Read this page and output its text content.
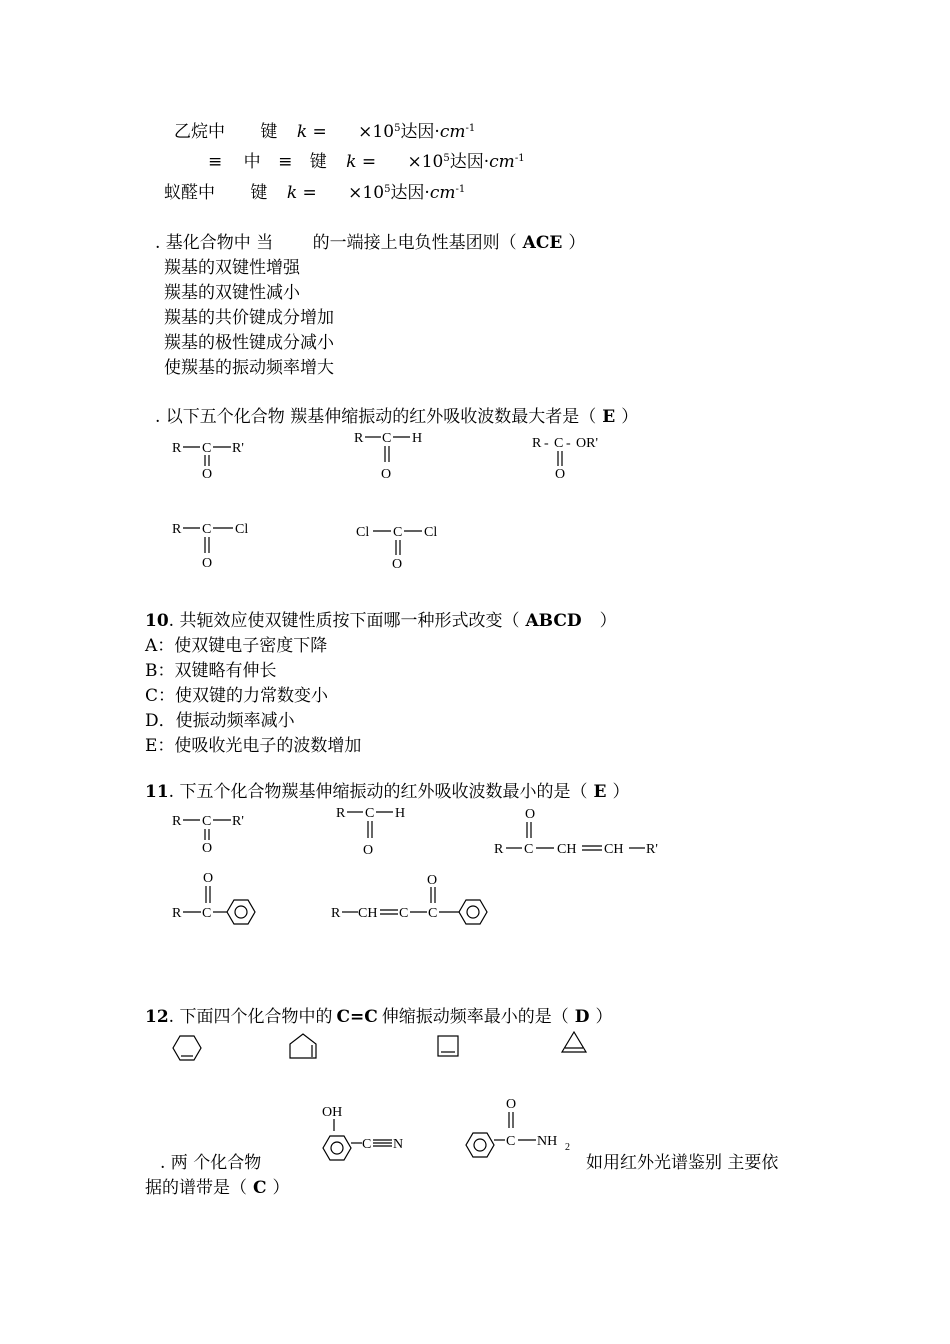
乙烷中 键 $k = \times 10^5$达因$\cdot cm^{-1}$
≡ 中 ≡ 键 $k = \times 10^5$达因$\cdot cm^{-1}$
蚁醛中 键 $k = \times 10^5$达因$\cdot cm^{-1}$
. 基化合物中 当 　　的一端接上电负性基团则（ ACE ）
羰基的双键性增强
羰基的双键性减小
羰基的共价键成分增加
羰基的极性键成分减小
使羰基的振动频率增大
. 以下五个化合物 羰基伸缩振动的红外吸收波数最大者是（ E ）
R C R'
O
R C H
O
R - C - OR'
O
R C Cl
O
Cl C Cl
O
10. 共轭效应使双键性质按下面哪一种形式改变（ ABCD ）
A：使双键电子密度下降
B：双键略有伸长
C：使双键的力常数变小
D．使振动频率减小
E：使吸收光电子的波数增加
11. 下五个化合物羰基伸缩振动的红外吸收波数最小的是（ E ）
R C R'
O
R C H
O
O
R C CH CH R'
O
R C	R CH C C
O
12. 下面四个化合物中的 C=C 伸缩振动频率最小的是（ D ）
OH
C N
O
C NH 2
. 两 个化合物	如用红外光谱鉴别 主要依
据的谱带是（ C ）
